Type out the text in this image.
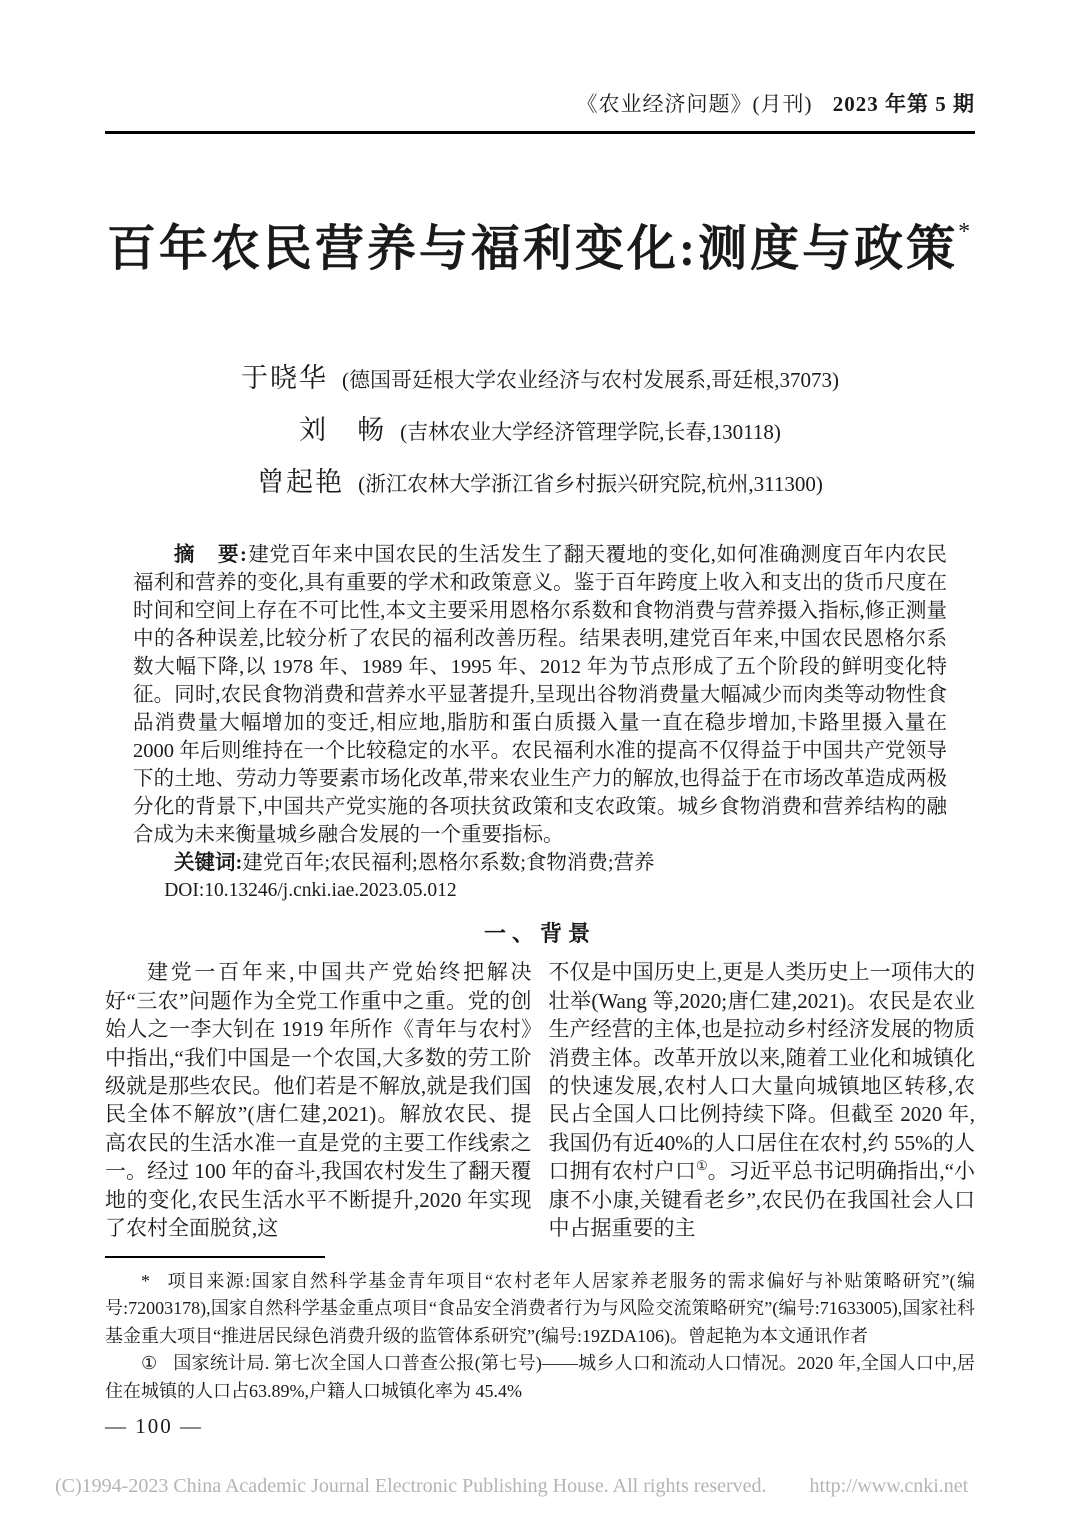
《农业经济问题》(月刊) 2023 年第 5 期
百年农民营养与福利变化:测度与政策*
于晓华 (德国哥廷根大学农业经济与农村发展系,哥廷根,37073)
刘　畅 (吉林农业大学经济管理学院,长春,130118)
曾起艳 (浙江农林大学浙江省乡村振兴研究院,杭州,311300)

摘　要:建党百年来中国农民的生活发生了翻天覆地的变化,如何准确测度百年内农民福利和营养的变化,具有重要的学术和政策意义。鉴于百年跨度上收入和支出的货币尺度在时间和空间上存在不可比性,本文主要采用恩格尔系数和食物消费与营养摄入指标,修正测量中的各种误差,比较分析了农民的福利改善历程。结果表明,建党百年来,中国农民恩格尔系数大幅下降,以 1978 年、1989 年、1995 年、2012 年为节点形成了五个阶段的鲜明变化特征。同时,农民食物消费和营养水平显著提升,呈现出谷物消费量大幅减少而肉类等动物性食品消费量大幅增加的变迁,相应地,脂肪和蛋白质摄入量一直在稳步增加,卡路里摄入量在 2000 年后则维持在一个比较稳定的水平。农民福利水准的提高不仅得益于中国共产党领导下的土地、劳动力等要素市场化改革,带来农业生产力的解放,也得益于在市场改革造成两极分化的背景下,中国共产党实施的各项扶贫政策和支农政策。城乡食物消费和营养结构的融合成为未来衡量城乡融合发展的一个重要指标。

关键词:建党百年;农民福利;恩格尔系数;食物消费;营养

DOI:10.13246/j.cnki.iae.2023.05.012

一、背景

建党一百年来,中国共产党始终把解决好“三农”问题作为全党工作重中之重。党的创始人之一李大钊在 1919 年所作《青年与农村》中指出,“我们中国是一个农国,大多数的劳工阶级就是那些农民。他们若是不解放,就是我们国民全体不解放”(唐仁建,2021)。解放农民、提高农民的生活水准一直是党的主要工作线索之一。经过 100 年的奋斗,我国农村发生了翻天覆地的变化,农民生活水平不断提升,2020 年实现了农村全面脱贫,这

不仅是中国历史上,更是人类历史上一项伟大的壮举(Wang 等,2020;唐仁建,2021)。农民是农业生产经营的主体,也是拉动乡村经济发展的物质消费主体。改革开放以来,随着工业化和城镇化的快速发展,农村人口大量向城镇地区转移,农民占全国人口比例持续下降。但截至 2020 年,我国仍有近40%的人口居住在农村,约 55%的人口拥有农村户口①。习近平总书记明确指出,“小康不小康,关键看老乡”,农民仍在我国社会人口中占据重要的主

* 项目来源:国家自然科学基金青年项目“农村老年人居家养老服务的需求偏好与补贴策略研究”(编号:72003178),国家自然科学基金重点项目“食品安全消费者行为与风险交流策略研究”(编号:71633005),国家社科基金重大项目“推进居民绿色消费升级的监管体系研究”(编号:19ZDA106)。曾起艳为本文通讯作者

① 国家统计局. 第七次全国人口普查公报(第七号)——城乡人口和流动人口情况。2020 年,全国人口中,居住在城镇的人口占63.89%,户籍人口城镇化率为 45.4%

— 100 —
(C)1994-2023 China Academic Journal Electronic Publishing House. All rights reserved. http://www.cnki.net
